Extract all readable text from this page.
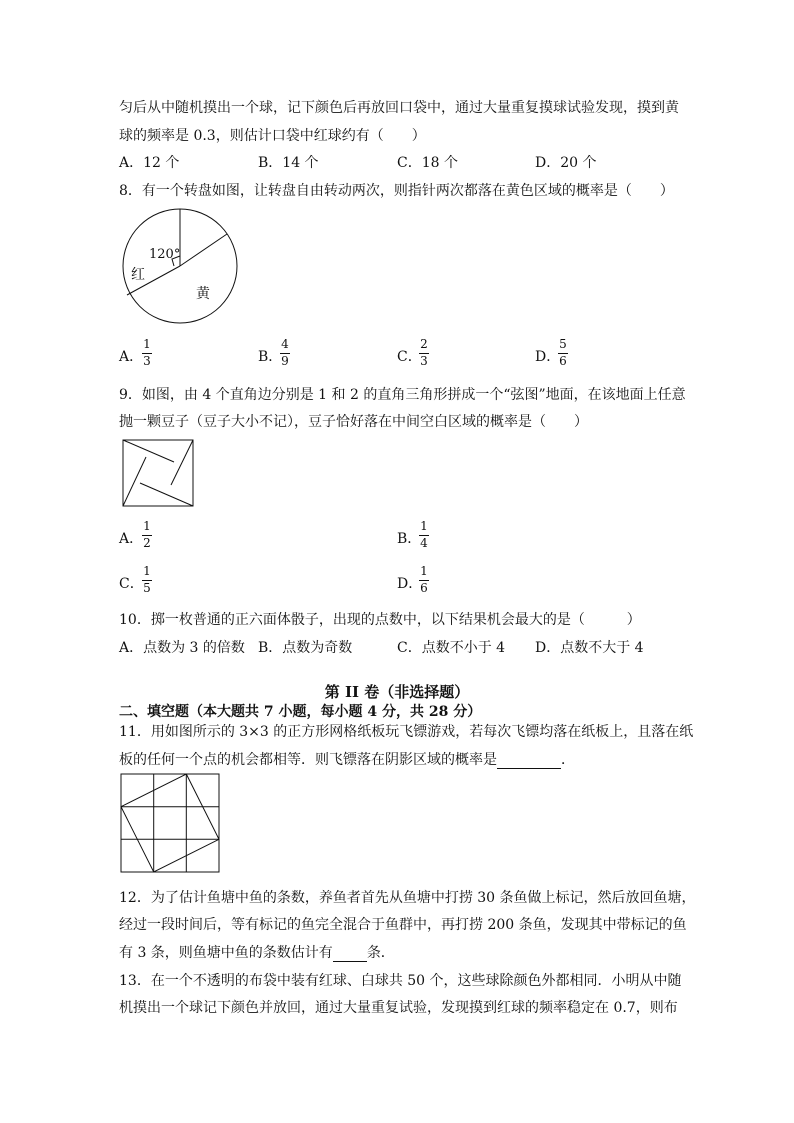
匀后从中随机摸出一个球，记下颜色后再放回口袋中，通过大量重复摸球试验发现，摸到黄
球的频率是 0.3，则估计口袋中红球约有（　　）
A．12 个	B．14 个	C．18 个	D．20 个
8．有一个转盘如图，让转盘自由转动两次，则指针两次都落在黄色区域的概率是（　　）
120°
红
黄
A．
1
3	B．
4
9	C．
2
3	D．
5
6
9．如图，由 4 个直角边分别是 1 和 2 的直角三角形拼成一个“弦图”地面，在该地面上任意
抛一颗豆子（豆子大小不记），豆子恰好落在中间空白区域的概率是（　　）
A．
1
2	B．
1
4
C．
1
5	D．
1
6
10．掷一枚普通的正六面体骰子，出现的点数中，以下结果机会最大的是（　　　）
A．点数为 3 的倍数 B．点数为奇数	C．点数不小于 4 D．点数不大于 4
第 II 卷（非选择题）
二、填空题（本大题共 7 小题，每小题 4 分，共 28 分）
11．用如图所示的 3×3 的正方形网格纸板玩飞镖游戏，若每次飞镖均落在纸板上，且落在纸
板的任何一个点的机会都相等．则飞镖落在阴影区域的概率是	．
12．为了估计鱼塘中鱼的条数，养鱼者首先从鱼塘中打捞 30 条鱼做上标记，然后放回鱼塘，
经过一段时间后，等有标记的鱼完全混合于鱼群中，再打捞 200 条鱼，发现其中带标记的鱼
有 3 条，则鱼塘中鱼的条数估计有 条．
13．在一个不透明的布袋中装有红球、白球共 50 个，这些球除颜色外都相同．小明从中随
机摸出一个球记下颜色并放回，通过大量重复试验，发现摸到红球的频率稳定在 0.7，则布
